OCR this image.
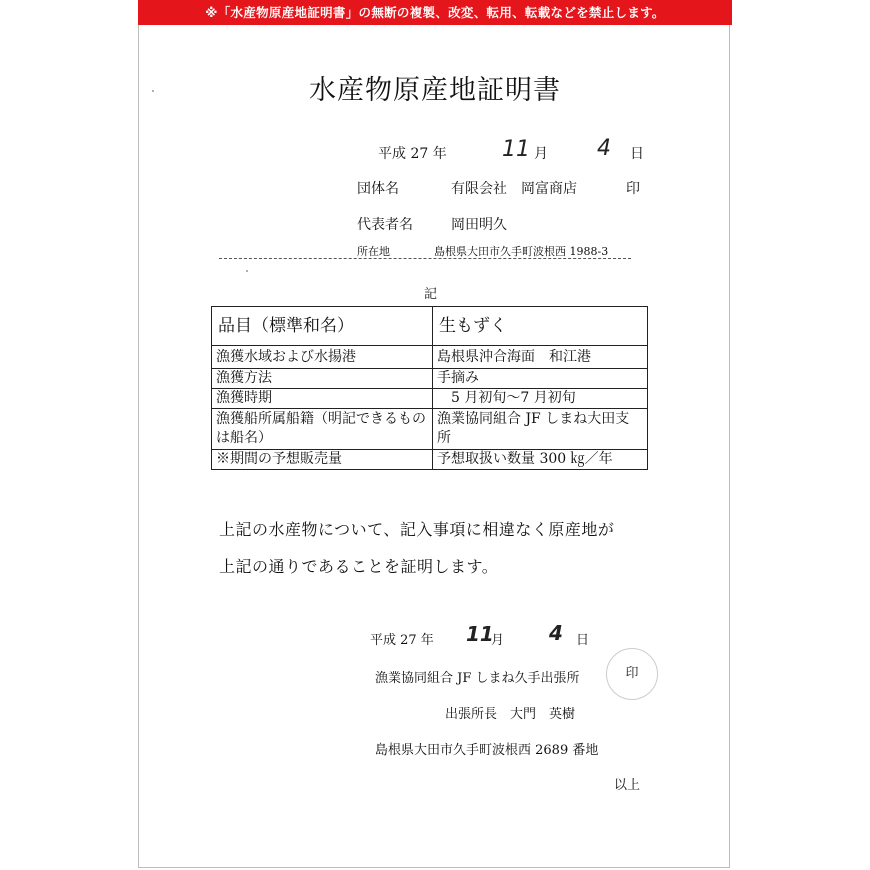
※「水産物原産地証明書」の無断の複製、改変、転用、転載などを禁止します。
水産物原産地証明書
平成 27 年	11 月 4 日
団体名	有限会社　岡富商店	印
代表者名	岡田明久
所在地	島根県大田市久手町波根西 1988-3
記
品目（標準和名）	生もずく
漁獲水域および水揚港	島根県沖合海面　和江港
漁獲方法	手摘み
漁獲時期	5 月初旬～7 月初旬
漁獲船所属船籍（明記できるものは船名）	漁業協同組合 JF しまね大田支所
※期間の予想販売量	予想取扱い数量 300 ㎏／年
上記の水産物について、記入事項に相違なく原産地が
上記の通りであることを証明します。
平成 27 年 11
月 4 日
漁業協同組合 JF しまね久手出張所	印
出張所長　大門　英樹
島根県大田市久手町波根西 2689 番地
以上
